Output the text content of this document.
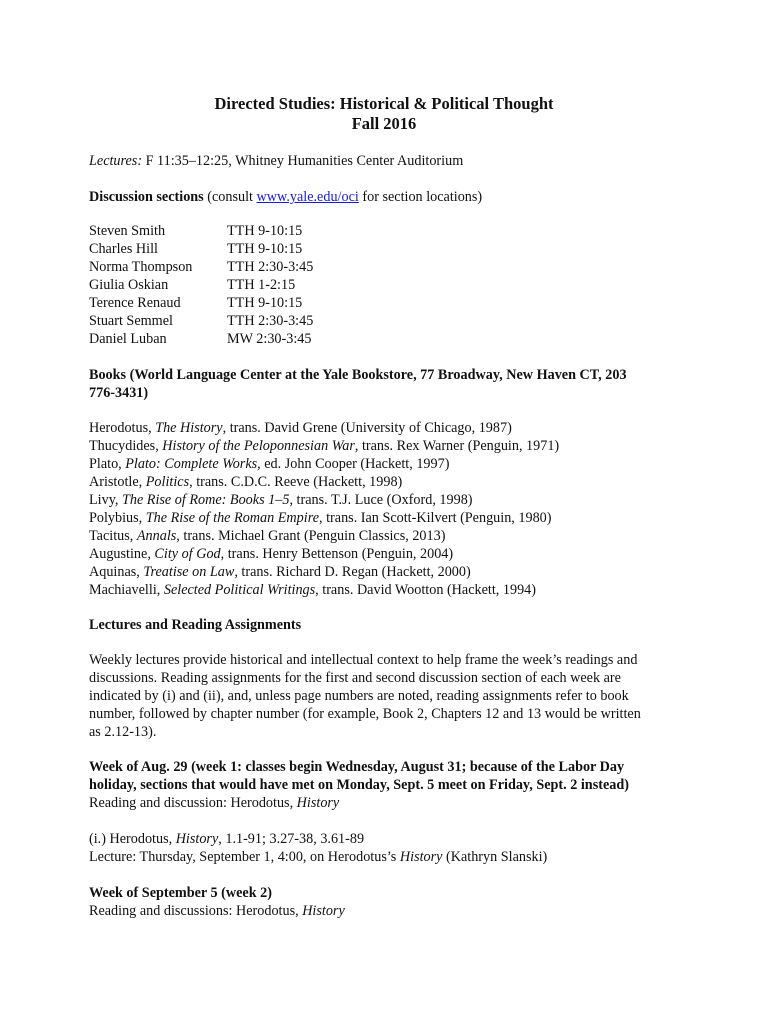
Directed Studies: Historical & Political Thought
Fall 2016
Lectures: F 11:35–12:25, Whitney Humanities Center Auditorium
Discussion sections (consult www.yale.edu/oci for section locations)
Steven Smith	TTH 9-10:15
Charles Hill	TTH 9-10:15
Norma Thompson	TTH 2:30-3:45
Giulia Oskian	TTH 1-2:15
Terence Renaud	TTH 9-10:15
Stuart Semmel	TTH 2:30-3:45
Daniel Luban	MW 2:30-3:45
Books (World Language Center at the Yale Bookstore, 77 Broadway, New Haven CT, 203
776-3431)
Herodotus, The History, trans. David Grene (University of Chicago, 1987)
Thucydides, History of the Peloponnesian War, trans. Rex Warner (Penguin, 1971)
Plato, Plato: Complete Works, ed. John Cooper (Hackett, 1997)
Aristotle, Politics, trans. C.D.C. Reeve (Hackett, 1998)
Livy, The Rise of Rome: Books 1–5, trans. T.J. Luce (Oxford, 1998)
Polybius, The Rise of the Roman Empire, trans. Ian Scott-Kilvert (Penguin, 1980)
Tacitus, Annals, trans. Michael Grant (Penguin Classics, 2013)
Augustine, City of God, trans. Henry Bettenson (Penguin, 2004)
Aquinas, Treatise on Law, trans. Richard D. Regan (Hackett, 2000)
Machiavelli, Selected Political Writings, trans. David Wootton (Hackett, 1994)
Lectures and Reading Assignments
Weekly lectures provide historical and intellectual context to help frame the week’s readings and
discussions. Reading assignments for the first and second discussion section of each week are
indicated by (i) and (ii), and, unless page numbers are noted, reading assignments refer to book
number, followed by chapter number (for example, Book 2, Chapters 12 and 13 would be written
as 2.12-13).
Week of Aug. 29 (week 1: classes begin Wednesday, August 31; because of the Labor Day
holiday, sections that would have met on Monday, Sept. 5 meet on Friday, Sept. 2 instead)
Reading and discussion: Herodotus, History
(i.) Herodotus, History, 1.1-91; 3.27-38, 3.61-89
Lecture: Thursday, September 1, 4:00, on Herodotus’s History (Kathryn Slanski)
Week of September 5 (week 2)
Reading and discussions: Herodotus, History
